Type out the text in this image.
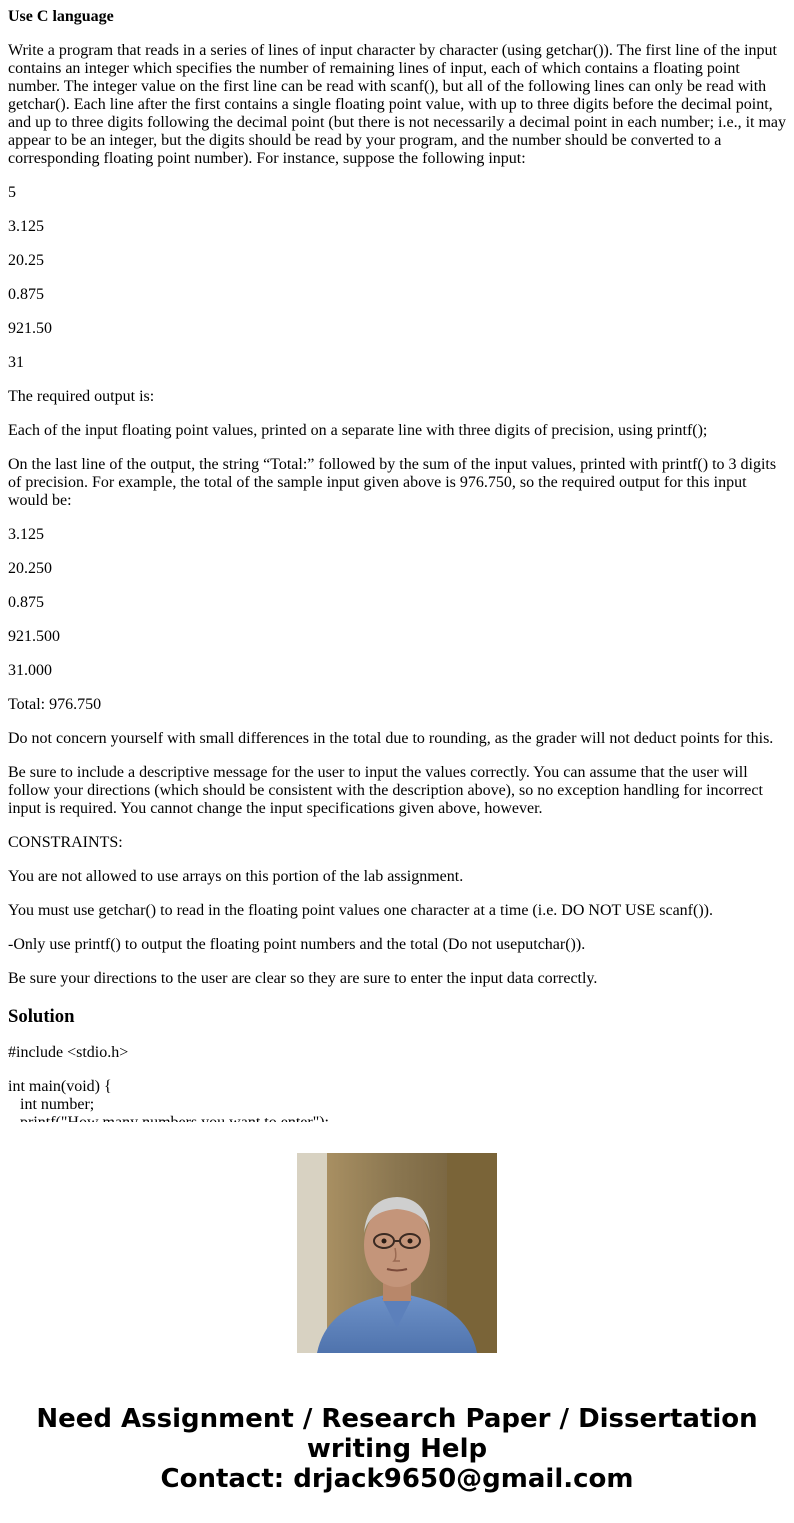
Use C language

Write a program that reads in a series of lines of input character by character (using getchar()). The first line of the input contains an integer which specifies the number of remaining lines of input, each of which contains a floating point number. The integer value on the first line can be read with scanf(), but all of the following lines can only be read with getchar(). Each line after the first contains a single floating point value, with up to three digits before the decimal point, and up to three digits following the decimal point (but there is not necessarily a decimal point in each number; i.e., it may appear to be an integer, but the digits should be read by your program, and the number should be converted to a corresponding floating point number). For instance, suppose the following input:

5

3.125

20.25

0.875

921.50

31

The required output is:

Each of the input floating point values, printed on a separate line with three digits of precision, using printf();

On the last line of the output, the string “Total:” followed by the sum of the input values, printed with printf() to 3 digits of precision. For example, the total of the sample input given above is 976.750, so the required output for this input would be:

3.125

20.250

0.875

921.500

31.000

Total: 976.750

Do not concern yourself with small differences in the total due to rounding, as the grader will not deduct points for this.

Be sure to include a descriptive message for the user to input the values correctly. You can assume that the user will follow your directions (which should be consistent with the description above), so no exception handling for incorrect input is required. You cannot change the input specifications given above, however.

CONSTRAINTS:

You are not allowed to use arrays on this portion of the lab assignment.

You must use getchar() to read in the floating point values one character at a time (i.e. DO NOT USE scanf()).

-Only use printf() to output the floating point numbers and the total (Do not useputchar()).

Be sure your directions to the user are clear so they are sure to enter the input data correctly.

Solution
#include <stdio.h>
int main(void) {
int number;
Need Assignment / Research Paper / Dissertation
writing Help
Contact: drjack9650@gmail.com
